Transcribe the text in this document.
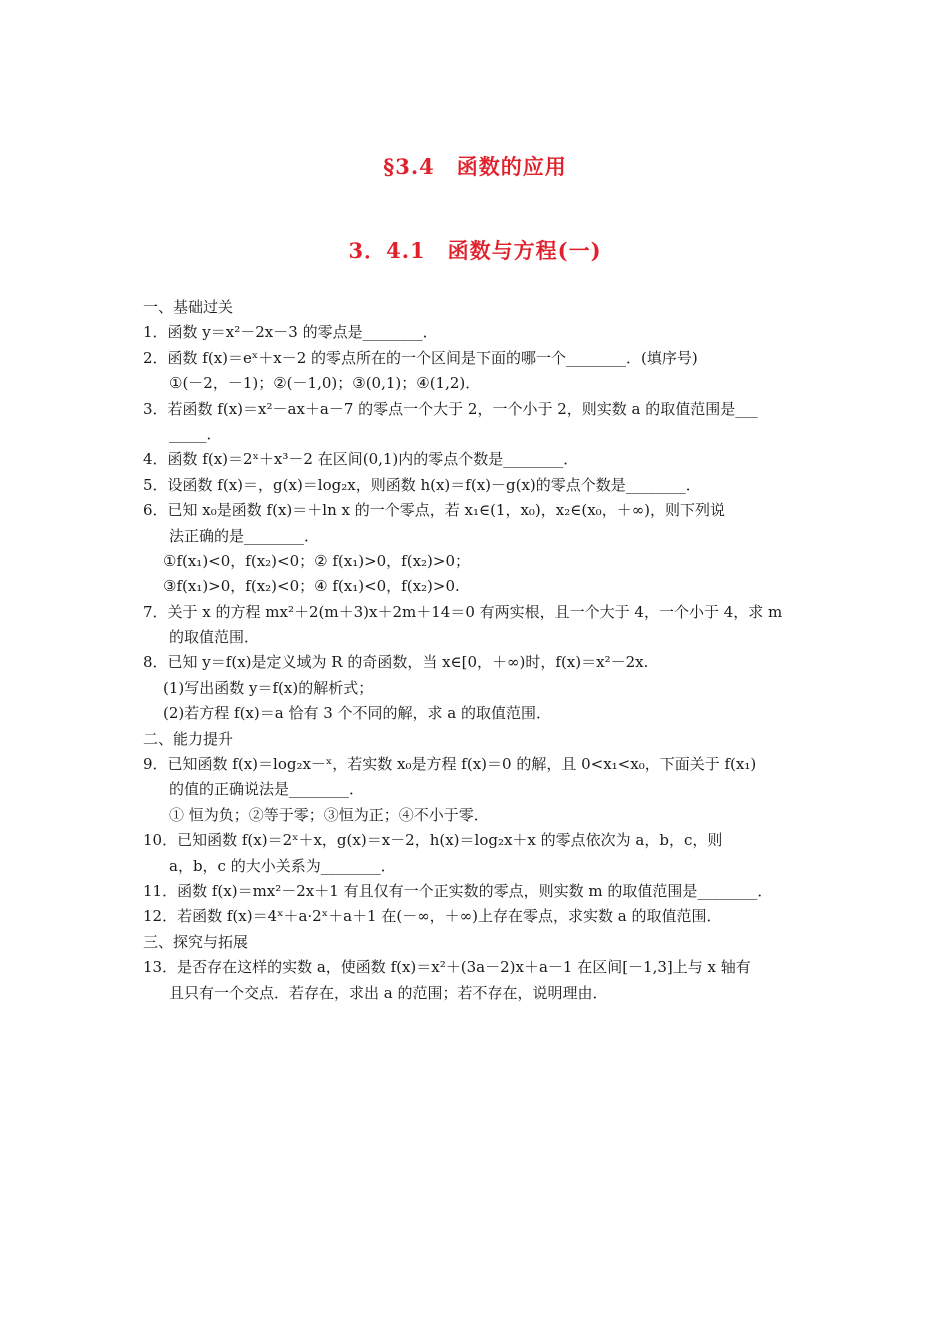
§3.4　函数的应用
3．4.1　函数与方程(一)
一、基础过关
1．函数 y＝x²－2x－3 的零点是________．
2．函数 f(x)＝eˣ＋x－2 的零点所在的一个区间是下面的哪一个________．(填序号)
①(－2，－1)；②(－1,0)；③(0,1)；④(1,2)．
3．若函数 f(x)＝x²－ax＋a－7 的零点一个大于 2，一个小于 2，则实数 a 的取值范围是___
_____．
4．函数 f(x)＝2ˣ＋x³－2 在区间(0,1)内的零点个数是________．
5．设函数 f(x)＝，g(x)＝log₂x，则函数 h(x)＝f(x)－g(x)的零点个数是________．
6．已知 x₀是函数 f(x)＝＋ln x 的一个零点，若 x₁∈(1，x₀)，x₂∈(x₀，＋∞)，则下列说
法正确的是________．
①f(x₁)<0，f(x₂)<0；② f(x₁)>0，f(x₂)>0；
③f(x₁)>0，f(x₂)<0；④ f(x₁)<0，f(x₂)>0.
7．关于 x 的方程 mx²＋2(m＋3)x＋2m＋14＝0 有两实根，且一个大于 4，一个小于 4，求 m
的取值范围．
8．已知 y＝f(x)是定义域为 R 的奇函数，当 x∈[0，＋∞)时，f(x)＝x²－2x.
(1)写出函数 y＝f(x)的解析式；
(2)若方程 f(x)＝a 恰有 3 个不同的解，求 a 的取值范围．
二、能力提升
9．已知函数 f(x)＝log₂x－ˣ，若实数 x₀是方程 f(x)＝0 的解，且 0<x₁<x₀，下面关于 f(x₁)
的值的正确说法是________．
① 恒为负；②等于零；③恒为正；④不小于零．
10．已知函数 f(x)＝2ˣ＋x，g(x)＝x－2，h(x)＝log₂x＋x 的零点依次为 a，b，c，则
a，b，c 的大小关系为________．
11．函数 f(x)＝mx²－2x＋1 有且仅有一个正实数的零点，则实数 m 的取值范围是________．
12．若函数 f(x)＝4ˣ＋a·2ˣ＋a＋1 在(－∞，＋∞)上存在零点，求实数 a 的取值范围．
三、探究与拓展
13．是否存在这样的实数 a，使函数 f(x)＝x²＋(3a－2)x＋a－1 在区间[－1,3]上与 x 轴有
且只有一个交点．若存在，求出 a 的范围；若不存在，说明理由．
